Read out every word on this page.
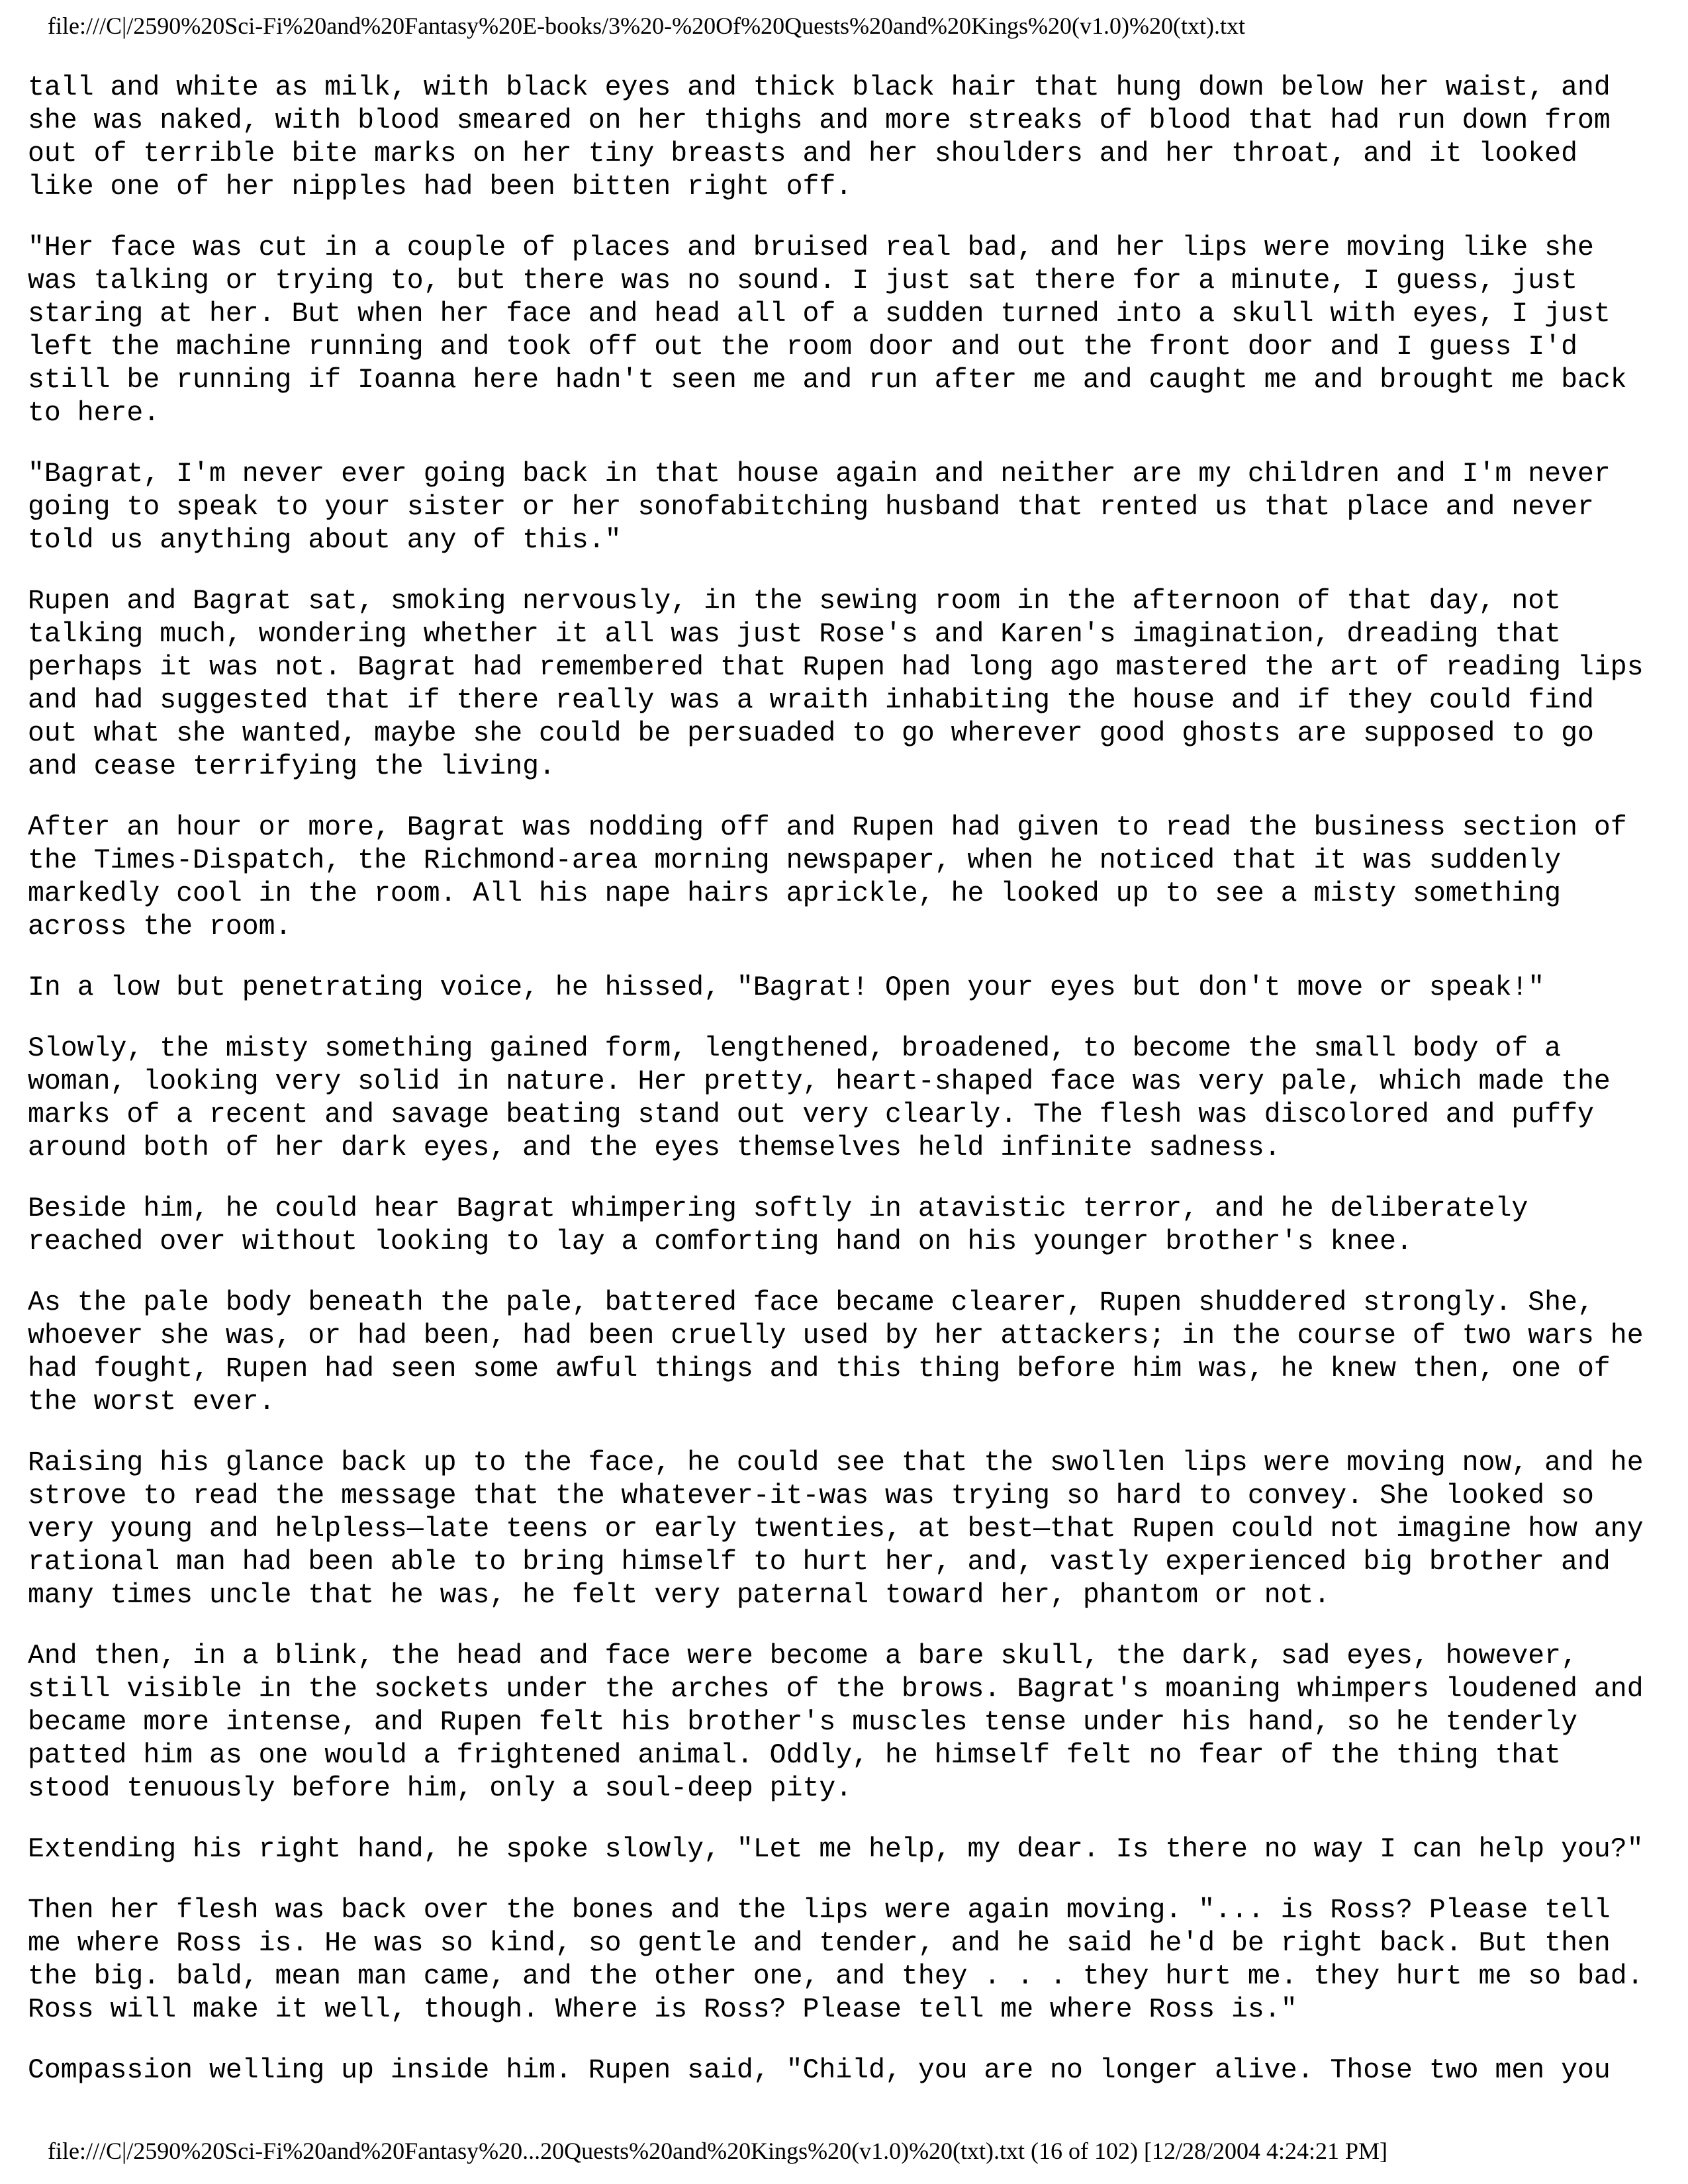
file:///C|/2590%20Sci-Fi%20and%20Fantasy%20E-books/3%20-%20Of%20Quests%20and%20Kings%20(v1.0)%20(txt).txt

tall and white as milk, with black eyes and thick black hair that hung down below her waist, and
she was naked, with blood smeared on her thighs and more streaks of blood that had run down from
out of terrible bite marks on her tiny breasts and her shoulders and her throat, and it looked
like one of her nipples had been bitten right off.

"Her face was cut in a couple of places and bruised real bad, and her lips were moving like she
was talking or trying to, but there was no sound. I just sat there for a minute, I guess, just
staring at her. But when her face and head all of a sudden turned into a skull with eyes, I just
left the machine running and took off out the room door and out the front door and I guess I'd
still be running if Ioanna here hadn't seen me and run after me and caught me and brought me back
to here.

"Bagrat, I'm never ever going back in that house again and neither are my children and I'm never
going to speak to your sister or her sonofabitching husband that rented us that place and never
told us anything about any of this."

Rupen and Bagrat sat, smoking nervously, in the sewing room in the afternoon of that day, not
talking much, wondering whether it all was just Rose's and Karen's imagination, dreading that
perhaps it was not. Bagrat had remembered that Rupen had long ago mastered the art of reading lips
and had suggested that if there really was a wraith inhabiting the house and if they could find
out what she wanted, maybe she could be persuaded to go wherever good ghosts are supposed to go
and cease terrifying the living.

After an hour or more, Bagrat was nodding off and Rupen had given to read the business section of
the Times-Dispatch, the Richmond-area morning newspaper, when he noticed that it was suddenly
markedly cool in the room. All his nape hairs aprickle, he looked up to see a misty something
across the room.

In a low but penetrating voice, he hissed, "Bagrat! Open your eyes but don't move or speak!"

Slowly, the misty something gained form, lengthened, broadened, to become the small body of a
woman, looking very solid in nature. Her pretty, heart-shaped face was very pale, which made the
marks of a recent and savage beating stand out very clearly. The flesh was discolored and puffy
around both of her dark eyes, and the eyes themselves held infinite sadness.

Beside him, he could hear Bagrat whimpering softly in atavistic terror, and he deliberately
reached over without looking to lay a comforting hand on his younger brother's knee.

As the pale body beneath the pale, battered face became clearer, Rupen shuddered strongly. She,
whoever she was, or had been, had been cruelly used by her attackers; in the course of two wars he
had fought, Rupen had seen some awful things and this thing before him was, he knew then, one of
the worst ever.

Raising his glance back up to the face, he could see that the swollen lips were moving now, and he
strove to read the message that the whatever-it-was was trying so hard to convey. She looked so
very young and helpless—late teens or early twenties, at best—that Rupen could not imagine how any
rational man had been able to bring himself to hurt her, and, vastly experienced big brother and
many times uncle that he was, he felt very paternal toward her, phantom or not.

And then, in a blink, the head and face were become a bare skull, the dark, sad eyes, however,
still visible in the sockets under the arches of the brows. Bagrat's moaning whimpers loudened and
became more intense, and Rupen felt his brother's muscles tense under his hand, so he tenderly
patted him as one would a frightened animal. Oddly, he himself felt no fear of the thing that
stood tenuously before him, only a soul-deep pity.

Extending his right hand, he spoke slowly, "Let me help, my dear. Is there no way I can help you?"

Then her flesh was back over the bones and the lips were again moving. "... is Ross? Please tell
me where Ross is. He was so kind, so gentle and tender, and he said he'd be right back. But then
the big. bald, mean man came, and the other one, and they . . . they hurt me. they hurt me so bad.
Ross will make it well, though. Where is Ross? Please tell me where Ross is."

Compassion welling up inside him. Rupen said, "Child, you are no longer alive. Those two men you

file:///C|/2590%20Sci-Fi%20and%20Fantasy%20...20Quests%20and%20Kings%20(v1.0)%20(txt).txt (16 of 102) [12/28/2004 4:24:21 PM]
